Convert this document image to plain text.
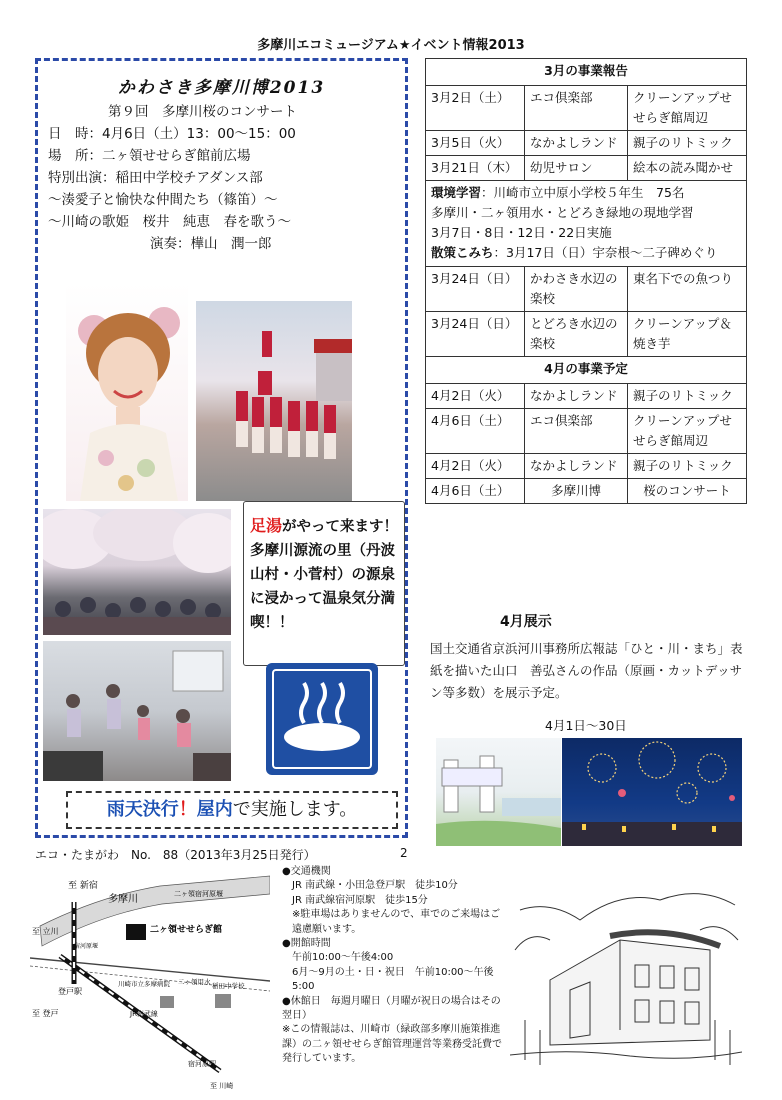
多摩川エコミュージアム★イベント情報2013
かわさき多摩川博2013
第９回　多摩川桜のコンサート
日　時：4月6日（土）13：00〜15：00
場　所：二ヶ領せせらぎ館前広場
特別出演：稲田中学校チアダンス部
〜湊愛子と愉快な仲間たち（篠笛）〜
〜川崎の歌姫　桜井　純恵　春を歌う〜
演奏：樺山　潤一郎
足湯がやって来ます！多摩川源流の里（丹波山村・小菅村）の源泉に浸かって温泉気分満喫！！
雨天決行！屋内で実施します。
3月の事業報告		
3月2日（土）	エコ倶楽部	クリーンアップせせらぎ館周辺
3月5日（火）	なかよしランド	親子のリトミック
3月21日（木）	幼児サロン	絵本の読み聞かせ

環境学習：川崎市立中原小学校５年生　75名
多摩川・二ヶ領用水・とどろき緑地の現地学習
3月7日・8日・12日・22日実施
散策こみち：3月17日（日）宇奈根〜二子碑めぐり		

3月24日（日）	かわさき水辺の楽校	東名下での魚つり
3月24日（日）	とどろき水辺の楽校	クリーンアップ＆焼き芋
4月の事業予定		
4月2日（火）	なかよしランド	親子のリトミック
4月6日（土）	エコ倶楽部	クリーンアップせせらぎ館周辺
4月2日（火）	なかよしランド	親子のリトミック
4月6日（土）	多摩川博	桜のコンサート
4月展示
国土交通省京浜河川事務所広報誌「ひと・川・まち」表紙を描いた山口　善弘さんの作品（原画・カットデッサン等多数）を展示予定。
4月1日〜30日
エコ・たまがわ　No.　88（2013年3月25日発行）	2
至 新宿
多摩川	二ヶ領宿河原堰
宿河原堰
二ヶ領せせらぎ館
至 立川
登戸駅
川崎市立多摩病院 二ヶ領用水 稲田中学校
至 登戸	JR南武線
宿河原駅
至 川崎
●交通機関
JR 南武線・小田急登戸駅　徒歩10分
JR 南武線宿河原駅　徒歩15分
※駐車場はありませんので、車でのご来場はご遠慮願います。
●開館時間
午前10:00〜午後4:00
6月〜9月の土・日・祝日　午前10:00〜午後5:00
●休館日　毎週月曜日（月曜が祝日の場合はその翌日）
※この情報誌は、川崎市（緑政部多摩川施策推進課）の二ヶ領せせらぎ館管理運営等業務受託費で発行しています。
